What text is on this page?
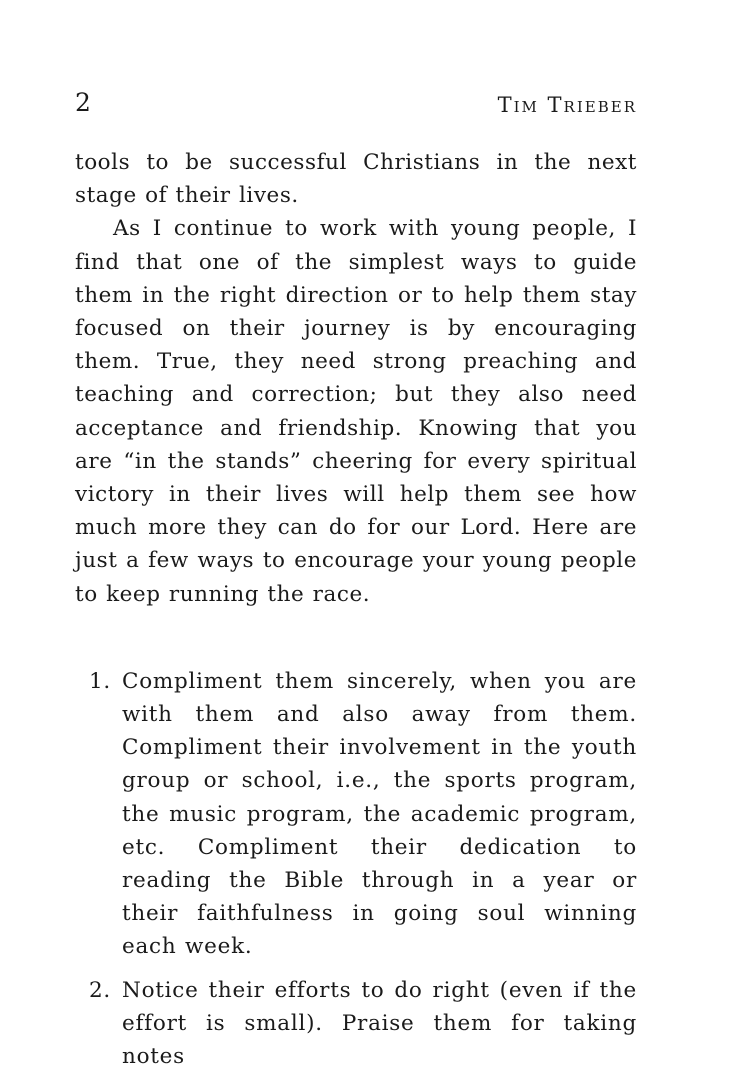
2	Tim Trieber

tools to be successful Christians in the next stage of their lives.

As I continue to work with young people, I find that one of the simplest ways to guide them in the right direction or to help them stay focused on their journey is by encouraging them. True, they need strong preaching and teaching and correction; but they also need acceptance and friendship. Knowing that you are “in the stands” cheering for every spiritual victory in their lives will help them see how much more they can do for our Lord. Here are just a few ways to encourage your young people to keep running the race.

1. Compliment them sincerely, when you are with them and also away from them. Compliment their involvement in the youth group or school, i.e., the sports program, the music program, the academic program, etc. Compliment their dedication to reading the Bible through in a year or their faithfulness in going soul winning each week.
2. Notice their efforts to do right (even if the effort is small). Praise them for taking notes
